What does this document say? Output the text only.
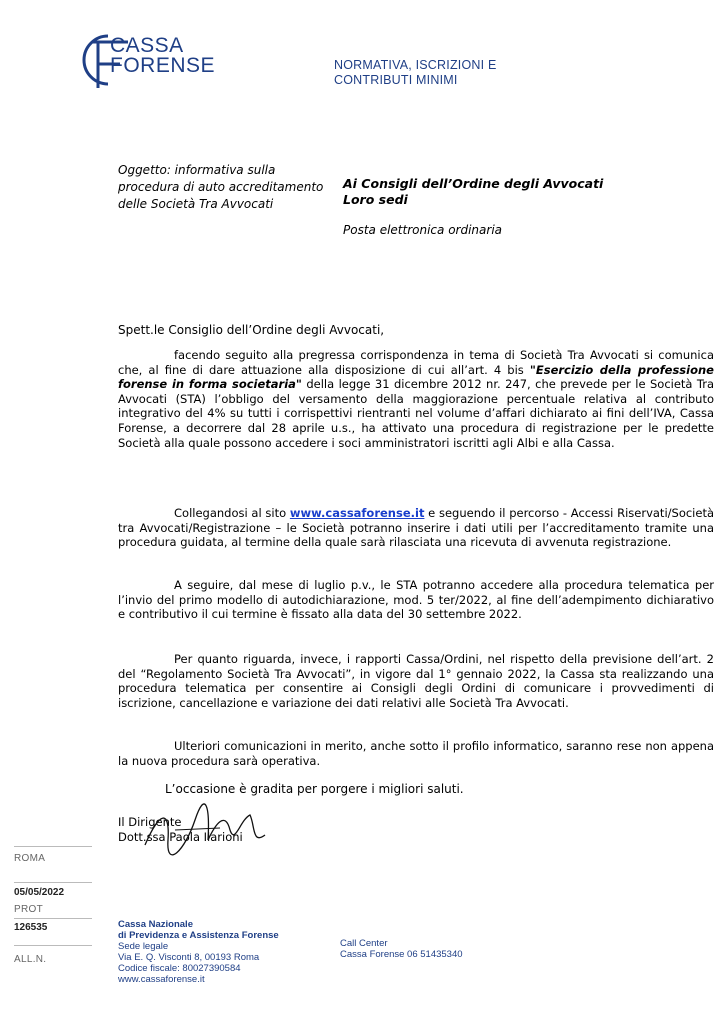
CASSA
FORENSE	NORMATIVA, ISCRIZIONI E
CONTRIBUTI MINIMI
Oggetto: informativa sulla
procedura di auto accreditamento
delle Società Tra Avvocati
Ai Consigli dell’Ordine degli Avvocati
Loro sedi
Posta elettronica ordinaria
Spett.le Consiglio dell’Ordine degli Avvocati,
facendo seguito alla pregressa corrispondenza in tema di Società Tra Avvocati si comunica che, al fine di dare attuazione alla disposizione di cui all’art. 4 bis "Esercizio della professione forense in forma societaria" della legge 31 dicembre 2012 nr. 247, che prevede per le Società Tra Avvocati (STA) l’obbligo del versamento della maggiorazione percentuale relativa al contributo integrativo del 4% su tutti i corrispettivi rientranti nel volume d’affari dichiarato ai fini dell’IVA, Cassa Forense, a decorrere dal 28 aprile u.s., ha attivato una procedura di registrazione per le predette Società alla quale possono accedere i soci amministratori iscritti agli Albi e alla Cassa.
Collegandosi al sito www.cassaforense.it e seguendo il percorso - Accessi Riservati/Società tra Avvocati/Registrazione – le Società potranno inserire i dati utili per l’accreditamento tramite una procedura guidata, al termine della quale sarà rilasciata una ricevuta di avvenuta registrazione.
A seguire, dal mese di luglio p.v., le STA potranno accedere alla procedura telematica per l’invio del primo modello di autodichiarazione, mod. 5 ter/2022, al fine dell’adempimento dichiarativo e contributivo il cui termine è fissato alla data del 30 settembre 2022.
Per quanto riguarda, invece, i rapporti Cassa/Ordini, nel rispetto della previsione dell’art. 2 del “Regolamento Società Tra Avvocati”, in vigore dal 1° gennaio 2022, la Cassa sta realizzando una procedura telematica per consentire ai Consigli degli Ordini di comunicare i provvedimenti di iscrizione, cancellazione e variazione dei dati relativi alle Società Tra Avvocati.
Ulteriori comunicazioni in merito, anche sotto il profilo informatico, saranno rese non appena la nuova procedura sarà operativa.
L’occasione è gradita per porgere i migliori saluti.
Il Dirigente
Dott.ssa Paola Ilarioni
ROMA
05/05/2022
PROT
126535
ALL.N.
Cassa Nazionale
di Previdenza e Assistenza Forense
Sede legale
Via E. Q. Visconti 8, 00193 Roma
Codice fiscale: 80027390584
www.cassaforense.it
Call Center
Cassa Forense 06 51435340
